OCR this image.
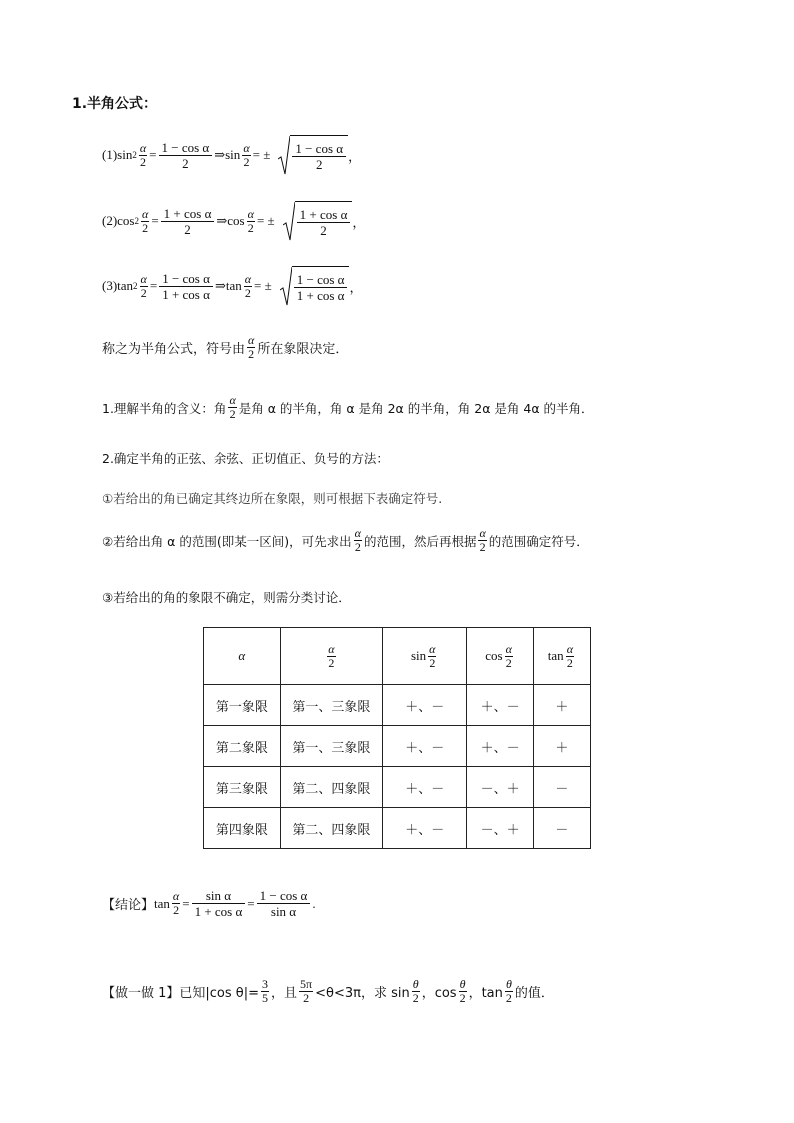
1.半角公式：
(1)sin $2 \frac{\alpha}{2} = \frac{\text{1 − cos α}}{2}$ ⇒sin $\frac{\alpha}{2}$ = ± $\frac{\text{1 − cos α}}{2}$ ，
(2)cos $2 \frac{\alpha}{2} = \frac{\text{1 + cos α}}{2}$ ⇒cos $\frac{\alpha}{2}$ = ± $\frac{\text{1 + cos α}}{2}$ ，
(3)tan $2 \frac{\alpha}{2} = \frac{\text{1 − cos α}}{\text{1 + cos α}}$ ⇒tan $\frac{\alpha}{2}$ = ± $\frac{\text{1 − cos α}}{\text{1 + cos α}}$ ，
称之为半角公式，符号由 $\frac{\alpha}{2}$ 所在象限决定．
1.理解半角的含义：角 $\frac{\alpha}{2}$ 是角 α 的半角，角 α 是角 2α 的半角，角 2α 是角 4α 的半角．
2.确定半角的正弦、余弦、正切值正、负号的方法：
①若给出的角已确定其终边所在象限，则可根据下表确定符号.
②若给出角 α 的范围(即某一区间)，可先求出 $\frac{\alpha}{2}$ 的范围，然后再根据 $\frac{\alpha}{2}$ 的范围确定符号．
③若给出的角的象限不确定，则需分类讨论．
α	$\frac{\alpha}{2}$	$\sin \frac{\alpha}{2}$	$\cos \frac{\alpha}{2}$	$\tan \frac{\alpha}{2}$

第一象限	第一、三象限	＋、－	＋、－	＋
第二象限	第一、三象限	＋、－	＋、－	＋
第三象限	第二、四象限	＋、－	－、＋	－
第四象限	第二、四象限	＋、－	－、＋	－
【结论】 $\tan \frac{\alpha}{2} = \frac{\text{sin α}}{\text{1 + cos α}} = \frac{\text{1 − cos α}}{\text{sin α}}$ .
【做一做 1】已知|cos $\theta|= \frac{3}{5}$ ，且 $\frac{5\pi}{2} <\theta<3\pi$，求 $\sin \frac{\theta}{2}$ ，$\cos \frac{\theta}{2}$ ，$\tan \frac{\theta}{2}$ 的值．
